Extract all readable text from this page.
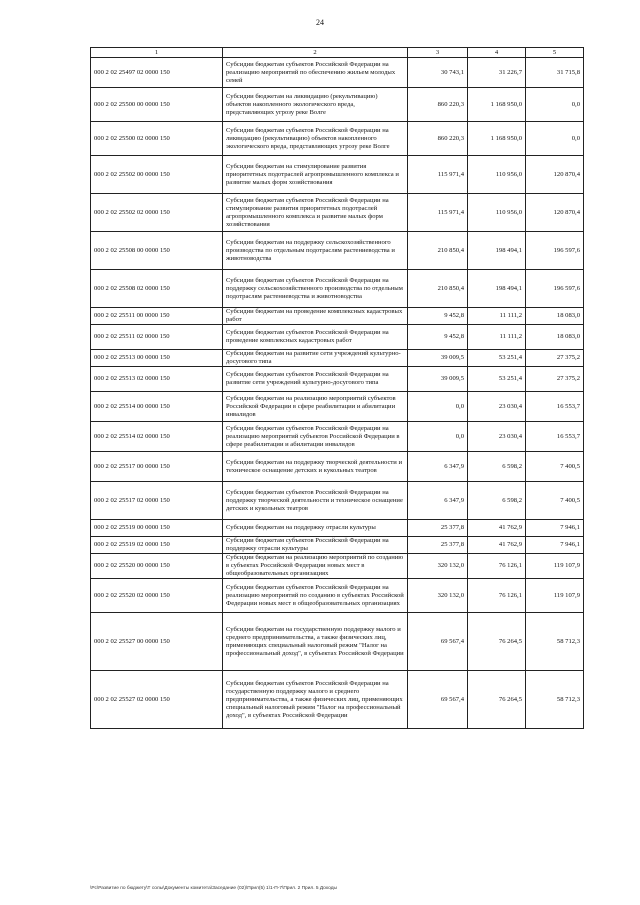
24
1	2	3	4	5
000 2 02 25497 02 0000 150	Субсидии бюджетам субъектов Российской Федерации на реализацию мероприятий по обеспечению жильем молодых семей	30 743,1	31 226,7	31 715,8
000 2 02 25500 00 0000 150	Субсидии бюджетам на ликвидацию (рекультивацию) объектов накопленного экологического вреда, представляющих угрозу реке Волге	860 220,3	1 168 950,0	0,0
000 2 02 25500 02 0000 150	Субсидии бюджетам субъектов Российской Федерации на ликвидацию (рекультивацию) объектов накопленного экологического вреда, представляющих угрозу реке Волге	860 220,3	1 168 950,0	0,0
000 2 02 25502 00 0000 150	Субсидии бюджетам на стимулирование развития приоритетных подотраслей агропромышленного комплекса и развитие малых форм хозяйствования	115 971,4	110 956,0	120 870,4
000 2 02 25502 02 0000 150	Субсидии бюджетам субъектов Российской Федерации на стимулирование развития приоритетных подотраслей агропромышленного комплекса и развитие малых форм хозяйствования	115 971,4	110 956,0	120 870,4
000 2 02 25508 00 0000 150	Субсидии бюджетам на поддержку сельскохозяйственного производства по отдельным подотраслям растениеводства и животноводства	210 850,4	198 494,1	196 597,6
000 2 02 25508 02 0000 150	Субсидии бюджетам субъектов Российской Федерации на поддержку сельскохозяйственного производства по отдельным подотраслям растениеводства и животноводства	210 850,4	198 494,1	196 597,6
000 2 02 25511 00 0000 150	Субсидии бюджетам на проведение комплексных кадастровых работ	9 452,8	11 111,2	18 083,0
000 2 02 25511 02 0000 150	Субсидии бюджетам субъектов Российской Федерации на проведение комплексных кадастровых работ	9 452,8	11 111,2	18 083,0
000 2 02 25513 00 0000 150	Субсидии бюджетам на развитие сети учреждений культурно-досугового типа	39 009,5	53 251,4	27 375,2
000 2 02 25513 02 0000 150	Субсидии бюджетам субъектов Российской Федерации на развитие сети учреждений культурно-досугового типа	39 009,5	53 251,4	27 375,2
000 2 02 25514 00 0000 150	Субсидии бюджетам на реализацию мероприятий субъектов Российской Федерации в сфере реабилитации и абилитации инвалидов	0,0	23 030,4	16 553,7
000 2 02 25514 02 0000 150	Субсидии бюджетам субъектов Российской Федерации на реализацию мероприятий субъектов Российской Федерации в сфере реабилитации и абилитации инвалидов	0,0	23 030,4	16 553,7
000 2 02 25517 00 0000 150	Субсидии бюджетам на поддержку творческой деятельности и техническое оснащение детских и кукольных театров	6 347,9	6 598,2	7 400,5
000 2 02 25517 02 0000 150	Субсидии бюджетам субъектов Российской Федерации на поддержку творческой деятельности и техническое оснащение детских и кукольных театров	6 347,9	6 598,2	7 400,5
000 2 02 25519 00 0000 150	Субсидии бюджетам на поддержку отрасли культуры	25 377,8	41 762,9	7 946,1
000 2 02 25519 02 0000 150	Субсидии бюджетам субъектов Российской Федерации на поддержку отрасли культуры	25 377,8	41 762,9	7 946,1
000 2 02 25520 00 0000 150	Субсидии бюджетам на реализацию мероприятий по созданию в субъектах Российской Федерации новых мест в общеобразовательных организациях	320 132,0	76 126,1	119 107,9
000 2 02 25520 02 0000 150	Субсидии бюджетам субъектов Российской Федерации на реализацию мероприятий по созданию в субъектах Российской Федерации новых мест в общеобразовательных организациях	320 132,0	76 126,1	119 107,9
000 2 02 25527 00 0000 150	Субсидии бюджетам на государственную поддержку малого и среднего предпринимательства, а также физических лиц, применяющих специальный налоговый режим "Налог на профессиональный доход", в субъектах Российской Федерации	69 567,4	76 264,5	58 712,3
000 2 02 25527 02 0000 150	Субсидии бюджетам субъектов Российской Федерации на государственную поддержку малого и среднего предпринимательства, а также физических лиц, применяющих специальный налоговый режим "Налог на профессиональный доход", в субъектах Российской Федерации	69 567,4	76 264,5	58 712,3
\Pc\Развитие по бюджету\Т солы\Документы комитета\Заседание (02)\Прил(5) 1\1-П-7\Прил. 2 Прил. 5 Доходы
